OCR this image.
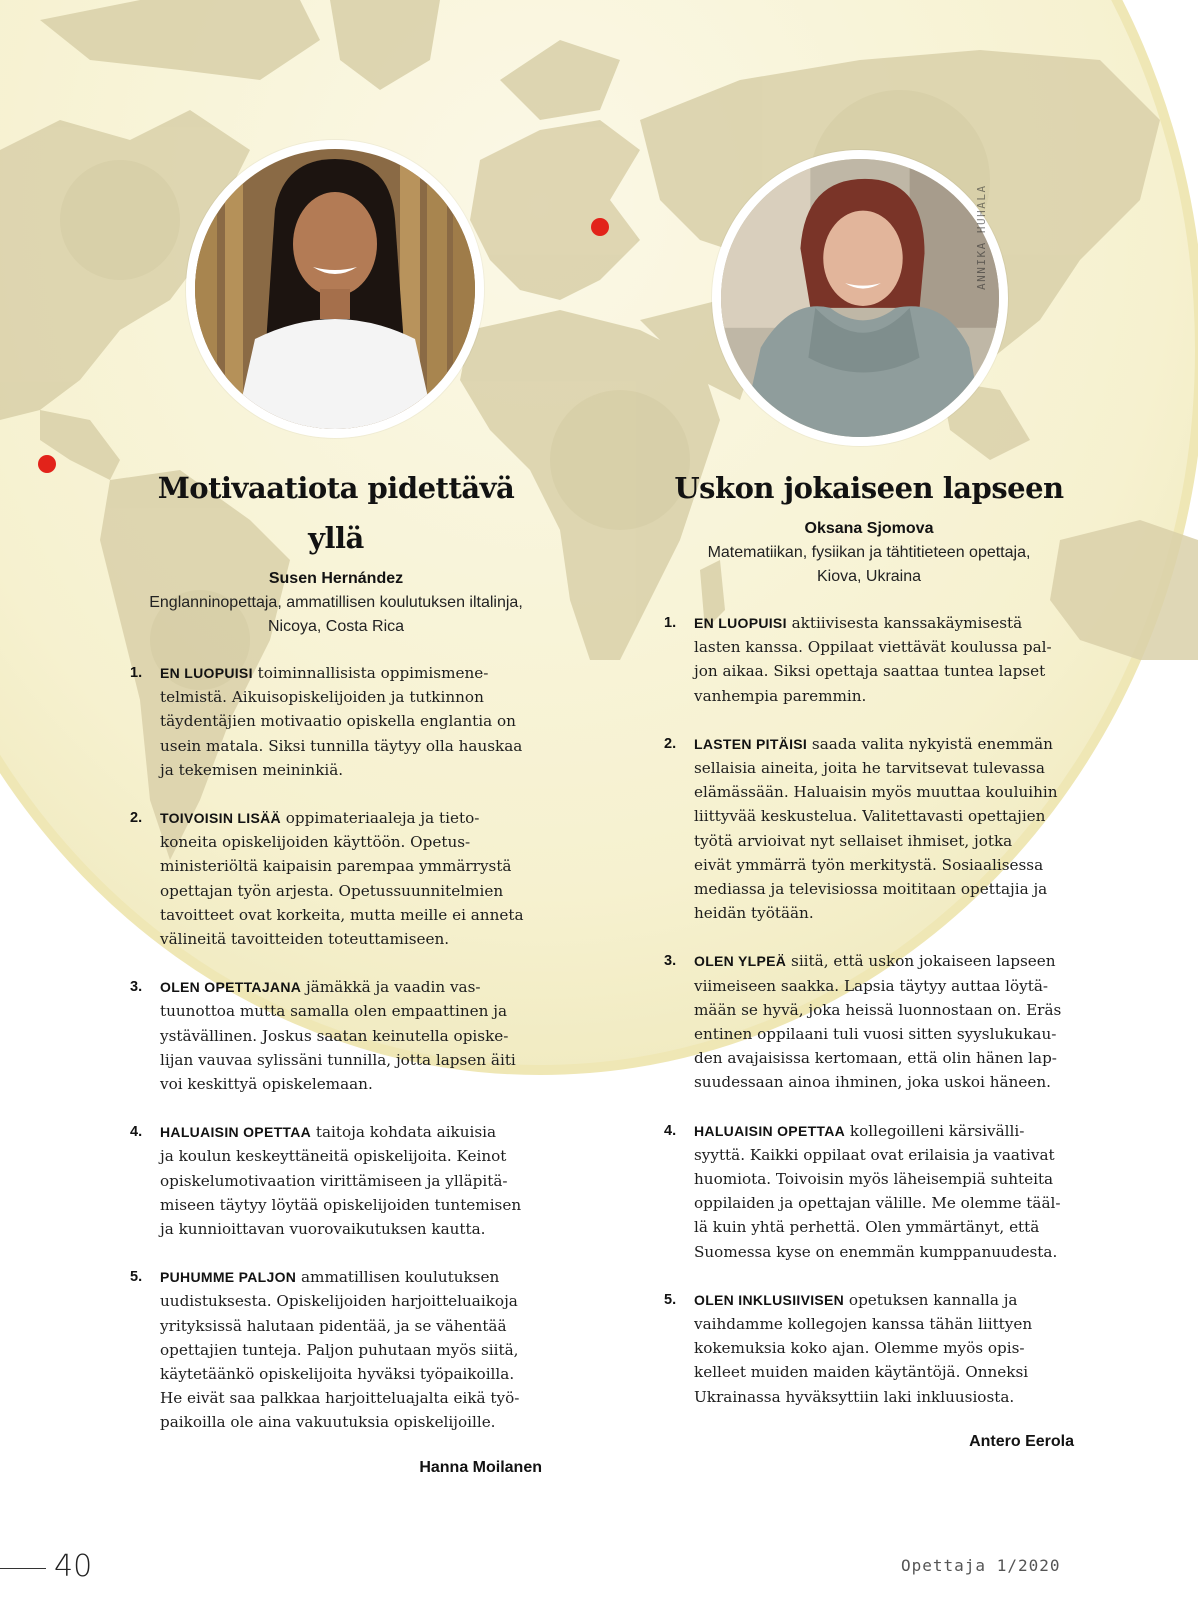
ANNIKA HUHALA
Motivaatiota pidettävä yllä
Susen Hernández
Englanninopettaja, ammatillisen koulutuksen iltalinja,
Nicoya, Costa Rica
1. EN LUOPUISI toiminnallisista oppimismene-
telmistä. Aikuisopiskelijoiden ja tutkinnon
täydentäjien motivaatio opiskella englantia on
usein matala. Siksi tunnilla täytyy olla hauskaa
ja tekemisen meininkiä.

2. TOIVOISIN LISÄÄ oppimateriaaleja ja tieto-
koneita opiskelijoiden käyttöön. Opetus-
ministeriöltä kaipaisin parempaa ymmärrystä
opettajan työn arjesta. Opetussuunnitelmien
tavoitteet ovat korkeita, mutta meille ei anneta
välineitä tavoitteiden toteuttamiseen.

3. OLEN OPETTAJANA jämäkkä ja vaadin vas-
tuunottoa mutta samalla olen empaattinen ja
ystävällinen. Joskus saatan keinutella opiske-
lijan vauvaa sylissäni tunnilla, jotta lapsen äiti
voi keskittyä opiskelemaan.

4. HALUAISIN OPETTAA taitoja kohdata aikuisia
ja koulun keskeyttäneitä opiskelijoita. Keinot
opiskelumotivaation virittämiseen ja ylläpitä-
miseen täytyy löytää opiskelijoiden tuntemisen
ja kunnioittavan vuorovaikutuksen kautta.

5. PUHUMME PALJON ammatillisen koulutuksen
uudistuksesta. Opiskelijoiden harjoitteluaikoja
yrityksissä halutaan pidentää, ja se vähentää
opettajien tunteja. Paljon puhutaan myös siitä,
käytetäänkö opiskelijoita hyväksi työpaikoilla.
He eivät saa palkkaa harjoitteluajalta eikä työ-
paikoilla ole aina vakuutuksia opiskelijoille.

Hanna Moilanen
Uskon jokaiseen lapseen
Oksana Sjomova
Matematiikan, fysiikan ja tähtitieteen opettaja,
Kiova, Ukraina
1. EN LUOPUISI aktiivisesta kanssakäymisestä
lasten kanssa. Oppilaat viettävät koulussa pal-
jon aikaa. Siksi opettaja saattaa tuntea lapset
vanhempia paremmin.

2. LASTEN PITÄISI saada valita nykyistä enemmän
sellaisia aineita, joita he tarvitsevat tulevassa
elämässään. Haluaisin myös muuttaa kouluihin
liittyvää keskustelua. Valitettavasti opettajien
työtä arvioivat nyt sellaiset ihmiset, jotka
eivät ymmärrä työn merkitystä. Sosiaalisessa
mediassa ja televisiossa moititaan opettajia ja
heidän työtään.

3. OLEN YLPEÄ siitä, että uskon jokaiseen lapseen
viimeiseen saakka. Lapsia täytyy auttaa löytä-
mään se hyvä, joka heissä luonnostaan on. Eräs
entinen oppilaani tuli vuosi sitten syyslukukau-
den avajaisissa kertomaan, että olin hänen lap-
suudessaan ainoa ihminen, joka uskoi häneen.

4. HALUAISIN OPETTAA kollegoilleni kärsivälli-
syyttä. Kaikki oppilaat ovat erilaisia ja vaativat
huomiota. Toivoisin myös läheisempiä suhteita
oppilaiden ja opettajan välille. Me olemme tääl-
lä kuin yhtä perhettä. Olen ymmärtänyt, että
Suomessa kyse on enemmän kumppanuudesta.

5. OLEN INKLUSIIVISEN opetuksen kannalla ja
vaihdamme kollegojen kanssa tähän liittyen
kokemuksia koko ajan. Olemme myös opis-
kelleet muiden maiden käytäntöjä. Onneksi
Ukrainassa hyväksyttiin laki inkluusiosta.

Antero Eerola
40	Opettaja 1/2020
